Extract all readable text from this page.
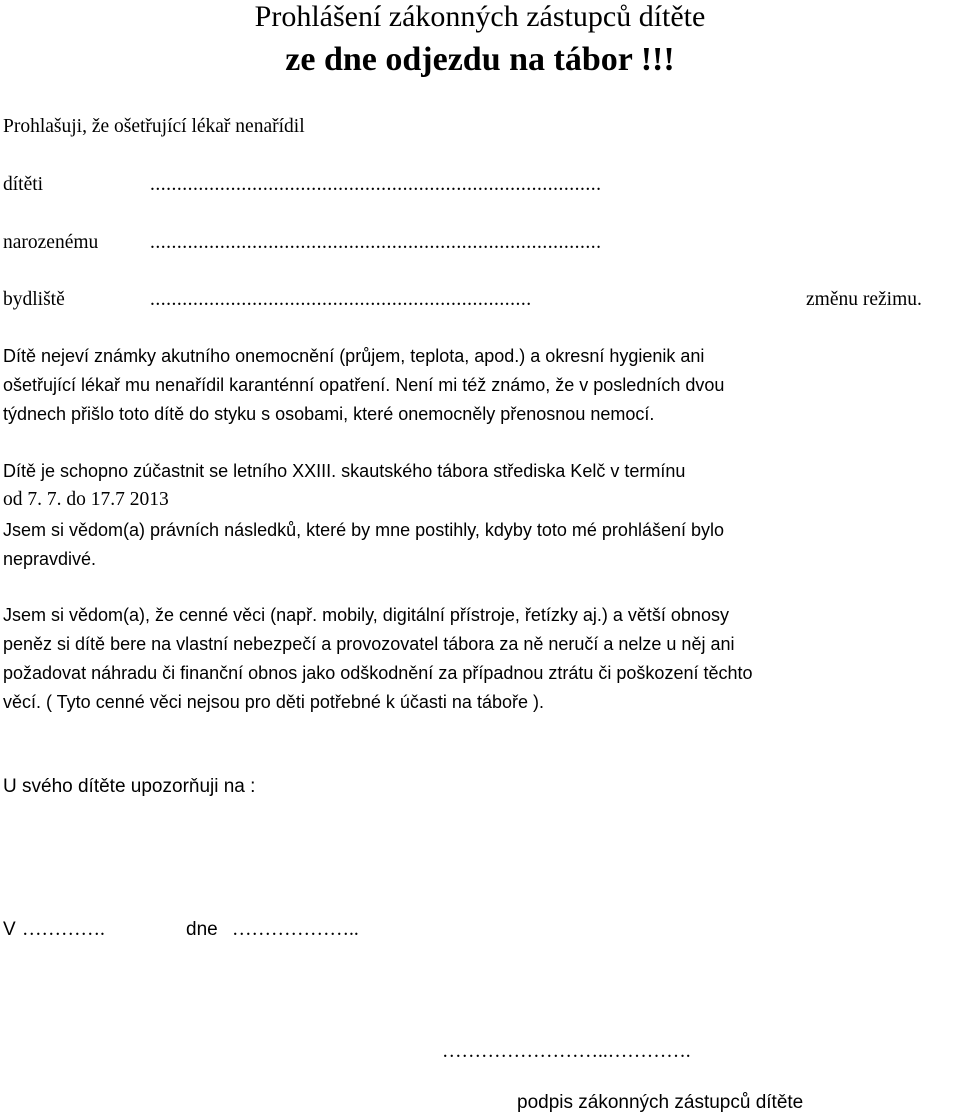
Prohlášení zákonných zástupců dítěte
ze dne odjezdu na tábor !!!
Prohlašuji, že ošetřující lékař nenařídil
dítěti	....................................................................................
narozenému	....................................................................................
bydliště	.......................................................................	změnu režimu.
Dítě nejeví známky akutního onemocnění (průjem, teplota, apod.) a okresní hygienik ani
ošetřující lékař mu nenařídil karanténní opatření. Není mi též známo, že v posledních dvou
týdnech přišlo toto dítě do styku s osobami, které onemocněly přenosnou nemocí.
Dítě je schopno zúčastnit se letního XXIII. skautského tábora střediska Kelč v termínu
od 7. 7. do 17.7 2013
Jsem si vědom(a) právních následků, které by mne postihly, kdyby toto mé prohlášení bylo
nepravdivé.
Jsem si vědom(a), že cenné věci (např. mobily, digitální přístroje, řetízky aj.) a větší obnosy
peněz si dítě bere na vlastní nebezpečí a provozovatel tábora za ně neručí a nelze u něj ani
požadovat náhradu či finanční obnos jako odškodnění za případnou ztrátu či poškození těchto
věcí. ( Tyto cenné věci nejsou pro děti potřebné k účasti na táboře ).
U svého dítěte upozorňuji na :
V ………….	dne ………………..
……………………..………….
podpis zákonných zástupců dítěte
